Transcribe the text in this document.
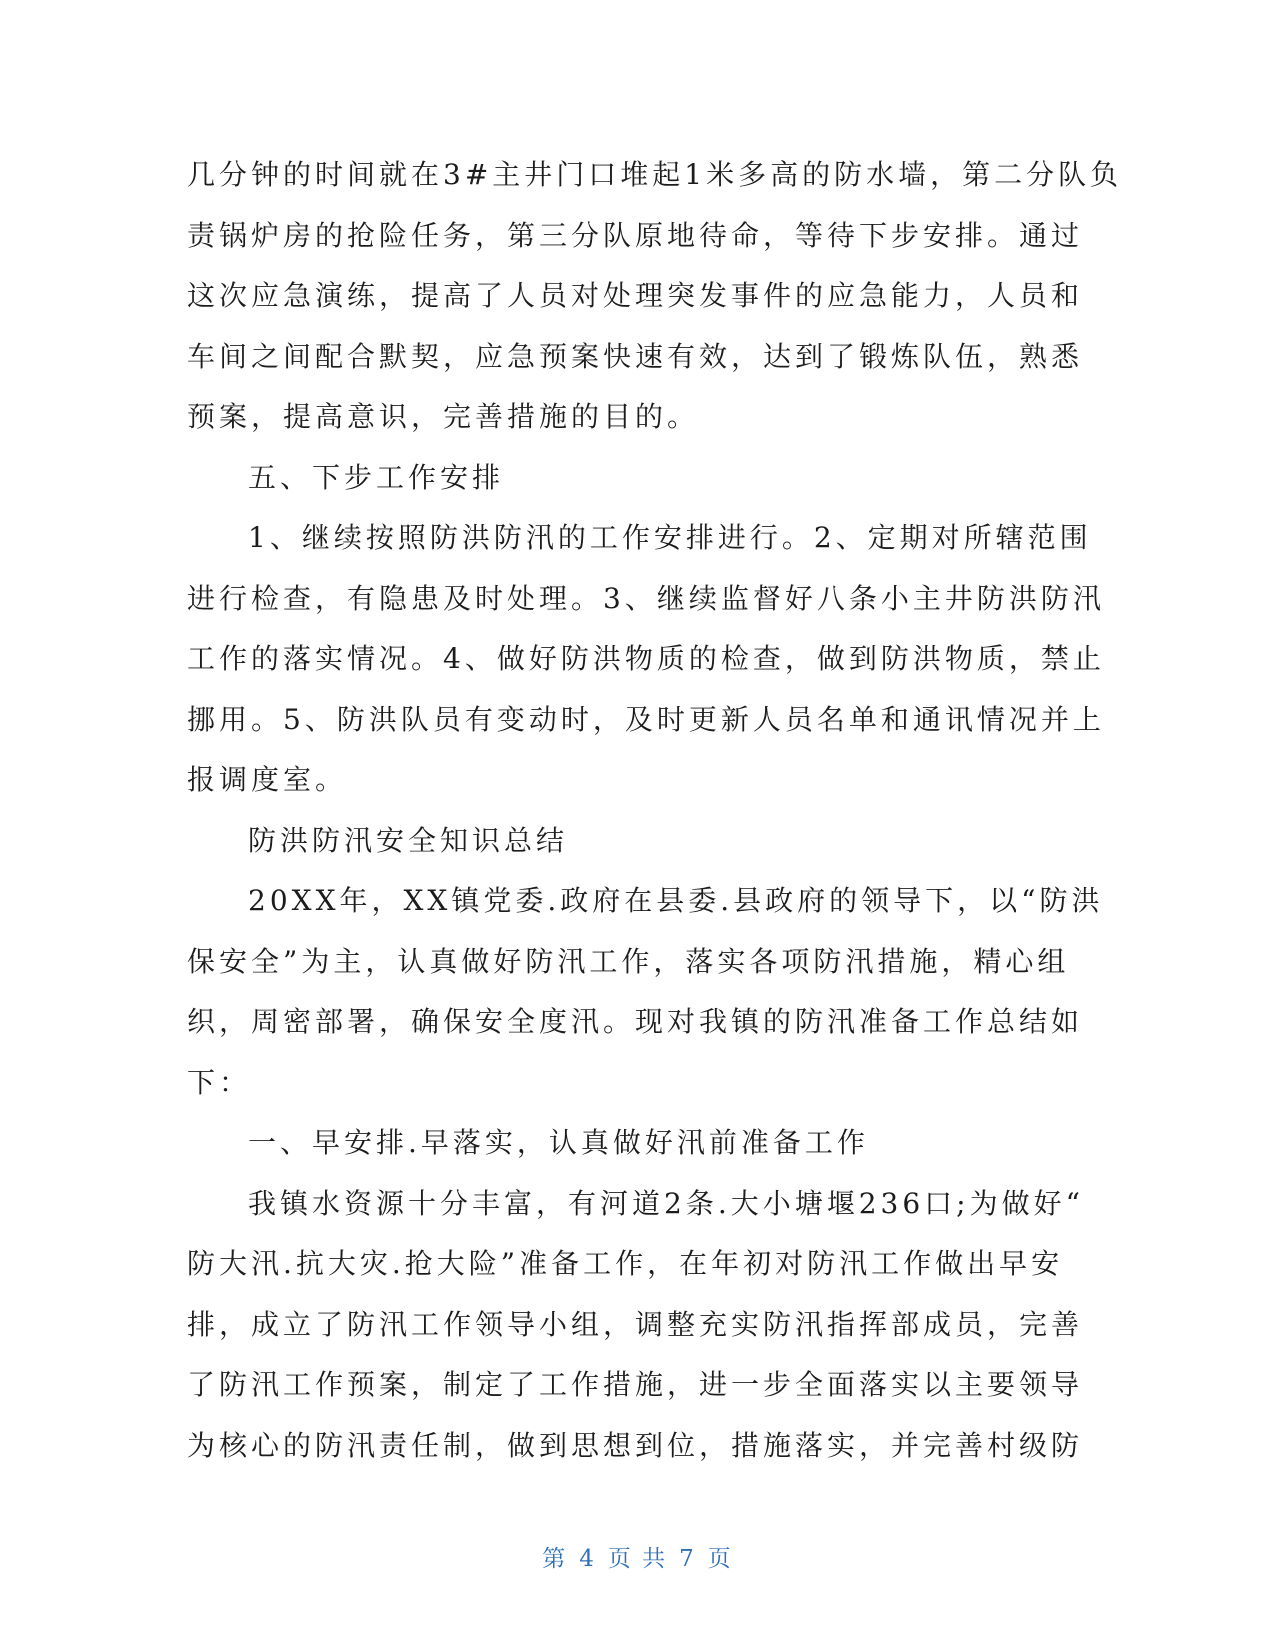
几分钟的时间就在3#主井门口堆起1米多高的防水墙，第二分队负
责锅炉房的抢险任务，第三分队原地待命，等待下步安排。通过
这次应急演练，提高了人员对处理突发事件的应急能力，人员和
车间之间配合默契，应急预案快速有效，达到了锻炼队伍，熟悉
预案，提高意识，完善措施的目的。
五、下步工作安排
1、继续按照防洪防汛的工作安排进行。2、定期对所辖范围
进行检查，有隐患及时处理。3、继续监督好八条小主井防洪防汛
工作的落实情况。4、做好防洪物质的检查，做到防洪物质，禁止
挪用。5、防洪队员有变动时，及时更新人员名单和通讯情况并上
报调度室。
防洪防汛安全知识总结
20XX年，XX镇党委.政府在县委.县政府的领导下，以“防洪
保安全”为主，认真做好防汛工作，落实各项防汛措施，精心组
织，周密部署，确保安全度汛。现对我镇的防汛准备工作总结如
下：
一、早安排.早落实，认真做好汛前准备工作
我镇水资源十分丰富，有河道2条.大小塘堰236口;为做好“
防大汛.抗大灾.抢大险”准备工作，在年初对防汛工作做出早安
排，成立了防汛工作领导小组，调整充实防汛指挥部成员，完善
了防汛工作预案，制定了工作措施，进一步全面落实以主要领导
为核心的防汛责任制，做到思想到位，措施落实，并完善村级防
第 4 页 共 7 页
